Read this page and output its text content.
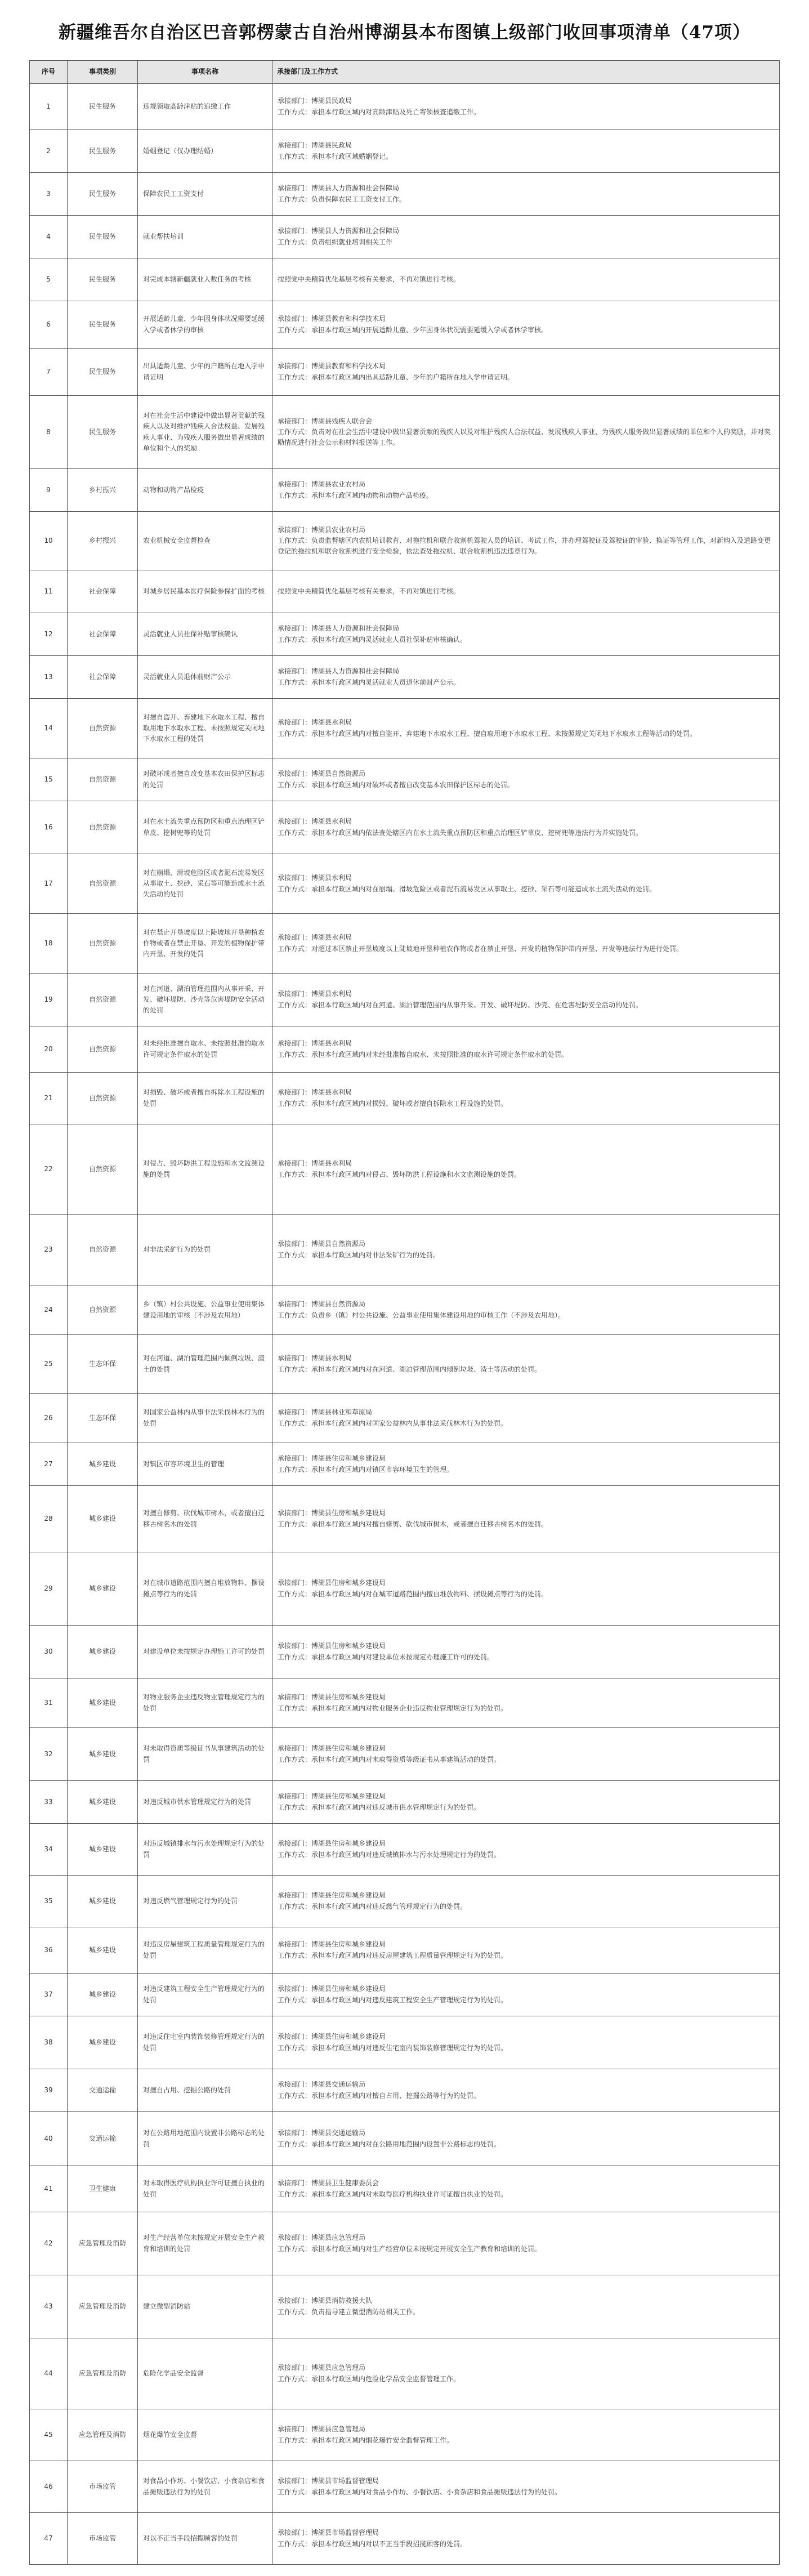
新疆维吾尔自治区巴音郭楞蒙古自治州博湖县本布图镇上级部门收回事项清单（47项）
序号	事项类别	事项名称	承接部门及工作方式
1	民生服务	违规领取高龄津贴的追缴工作	承接部门：博湖县民政局
工作方式：承担本行政区域内对高龄津贴及死亡寄领核查追缴工作。

2	民生服务	婚姻登记（仅办理结婚）	承接部门：博湖县民政局
工作方式：承担本行政区域婚姻登记。

3	民生服务	保障农民工工资支付	承接部门：博湖县人力资源和社会保障局
工作方式：负责保障农民工工资支付工作。

4	民生服务	就业帮扶培训	承接部门：博湖县人力资源和社会保障局
工作方式：负责组织就业培训相关工作

5	民生服务	对完成本辖新疆就业人数任务的考核	按照党中央精简优化基层考核有关要求，不再对镇进行考核。

6	民生服务	开展适龄儿童、少年因身体状况需要延缓入学或者休学的审核	承接部门：博湖县教育和科学技术局
工作方式：承担本行政区域内开展适龄儿童、少年因身体状况需要延缓入学或者休学审核。

7	民生服务	出具适龄儿童、少年的户籍所在地入学申请证明	承接部门：博湖县教育和科学技术局
工作方式：承担本行政区域内出具适龄儿童、少年的户籍所在地入学申请证明。

8	民生服务	对在社会生活中建设中做出显著贡献的残疾人以及对维护残疾人合法权益、发展残疾人事业、为残疾人服务做出显著成绩的单位和个人的奖励	承接部门：博湖县残疾人联合会
工作方式：负责对在社会生活中建设中做出显著贡献的残疾人以及对维护残疾人合法权益、发展残疾人事业、为残疾人服务做出显著成绩的单位和个人的奖励，并对奖励情况进行社会公示和材料报送等工作。

9	乡村振兴	动物和动物产品检疫	承接部门：博湖县农业农村局
工作方式：承担本行政区域内动物和动物产品检疫。

10	乡村振兴	农业机械安全监督检查	承接部门：博湖县农业农村局
工作方式：负责监督辖区内农机培训教育、对拖拉机和联合收割机驾驶人员的培训、考试工作，并办理驾驶证及驾驶证的审验、换证等管理工作，对新购入及道路变更登记的拖拉机和联合收割机进行安全检验，依法查处拖拉机、联合收割机违法违章行为。

11	社会保障	对城乡居民基本医疗保险参保扩面的考核	按照党中央精简优化基层考核有关要求，不再对镇进行考核。

12	社会保障	灵活就业人员社保补贴审核确认	承接部门：博湖县人力资源和社会保障局
工作方式：承担本行政区域内灵活就业人员社保补贴审核确认。

13	社会保障	灵活就业人员退休前财产公示	承接部门：博湖县人力资源和社会保障局
工作方式：承担本行政区域内灵活就业人员退休前财产公示。

14	自然资源	对擅自盗开、弃建地下水取水工程、擅自取用地下水取水工程、未按照规定关闭地下水取水工程的处罚	承接部门：博湖县水利局
工作方式：承担本行政区域内对擅自盗开、弃建地下水取水工程、擅自取用地下水取水工程、未按照规定关闭地下水取水工程等活动的处罚。

15	自然资源	对破坏或者擅自改变基本农田保护区标志的处罚	承接部门：博湖县自然资源局
工作方式：承担本行政区域内对破坏或者擅自改变基本农田保护区标志的处罚。

16	自然资源	对在水土流失重点预防区和重点治理区铲草皮、挖树兜等的处罚	承接部门：博湖县水利局
工作方式：承担本行政区域内依法查处辖区内在水土流失重点预防区和重点治理区铲草皮、挖树兜等违法行为并实施处罚。

17	自然资源	对在崩塌、滑坡危险区或者泥石流易发区从事取土、挖砂、采石等可能造成水土流失活动的处罚	承接部门：博湖县水利局
工作方式：承担本行政区域内对在崩塌、滑坡危险区或者泥石流易发区从事取土、挖砂、采石等可能造成水土流失活动的处罚。

18	自然资源	对在禁止开垦坡度以上陡坡地开垦种植农作物或者在禁止开垦、开发的植物保护带内开垦、开发的处罚	承接部门：博湖县水利局
工作方式：对超过本区禁止开垦坡度以上陡坡地开垦种植农作物或者在禁止开垦、开发的植物保护带内开垦、开发等违法行为进行处罚。

19	自然资源	对在河道、湖泊管理范围内从事开采、开发、破坏堤防、沙壳等危害堤防安全活动的处罚	承接部门：博湖县水利局
工作方式：承担本行政区域内对在河道、湖泊管理范围内从事开采、开发、破坏堤防、沙壳、在危害堤防安全活动的处罚。

20	自然资源	对未经批准擅自取水、未按照批准的取水许可规定条件取水的处罚	承接部门：博湖县水利局
工作方式：承担本行政区域内对未经批准擅自取水、未按照批准的取水许可规定条件取水的处罚。

21	自然资源	对损毁、破坏或者擅自拆除水工程设施的处罚	承接部门：博湖县水利局
工作方式：承担本行政区域内对损毁、破坏或者擅自拆除水工程设施的处罚。

22	自然资源	对侵占、毁坏防洪工程设施和水文监测设施的处罚	承接部门：博湖县水利局
工作方式：承担本行政区域内对侵占、毁坏防洪工程设施和水文监测设施的处罚。

23	自然资源	对非法采矿行为的处罚	承接部门：博湖县自然资源局
工作方式：承担本行政区域内对非法采矿行为的处罚。

24	自然资源	乡（镇）村公共设施、公益事业使用集体建设用地的审核（不涉及农用地）	承接部门：博湖县自然资源局
工作方式：负责乡（镇）村公共设施、公益事业使用集体建设用地的审核工作（不涉及农用地）。

25	生态环保	对在河道、湖泊管理范围内倾倒垃圾、渣土的处罚	承接部门：博湖县水利局
工作方式：承担本行政区域内对在河道、湖泊管理范围内倾倒垃圾、渣土等活动的处罚。

26	生态环保	对国家公益林内从事非法采伐林木行为的处罚	承接部门：博湖县林业和草原局
工作方式：承担本行政区域内对国家公益林内从事非法采伐林木行为的处罚。

27	城乡建设	对镇区市容环境卫生的管理	承接部门：博湖县住房和城乡建设局
工作方式：承担本行政区域内对镇区市容环境卫生的管理。

28	城乡建设	对擅自修剪、砍伐城市树木，或者擅自迁移古树名木的处罚	承接部门：博湖县住房和城乡建设局
工作方式：承担本行政区域内对擅自修剪、砍伐城市树木，或者擅自迁移古树名木的处罚。

29	城乡建设	对在城市道路范围内擅自堆放物料、摆设摊点等行为的处罚	承接部门：博湖县住房和城乡建设局
工作方式：承担本行政区域内对在城市道路范围内擅自堆放物料、摆设摊点等行为的处罚。

30	城乡建设	对建设单位未按规定办理施工许可的处罚	承接部门：博湖县住房和城乡建设局
工作方式：承担本行政区域内对建设单位未按规定办理施工许可的处罚。

31	城乡建设	对物业服务企业违反物业管理规定行为的处罚	承接部门：博湖县住房和城乡建设局
工作方式：承担本行政区域内对物业服务企业违反物业管理规定行为的处罚。

32	城乡建设	对未取得资质等级证书从事建筑活动的处罚	承接部门：博湖县住房和城乡建设局
工作方式：承担本行政区域内对未取得资质等级证书从事建筑活动的处罚。

33	城乡建设	对违反城市供水管理规定行为的处罚	承接部门：博湖县住房和城乡建设局
工作方式：承担本行政区域内对违反城市供水管理规定行为的处罚。

34	城乡建设	对违反城镇排水与污水处理规定行为的处罚	承接部门：博湖县住房和城乡建设局
工作方式：承担本行政区域内对违反城镇排水与污水处理规定行为的处罚。

35	城乡建设	对违反燃气管理规定行为的处罚	承接部门：博湖县住房和城乡建设局
工作方式：承担本行政区域内对违反燃气管理规定行为的处罚。

36	城乡建设	对违反房屋建筑工程质量管理规定行为的处罚	承接部门：博湖县住房和城乡建设局
工作方式：承担本行政区域内对违反房屋建筑工程质量管理规定行为的处罚。

37	城乡建设	对违反建筑工程安全生产管理规定行为的处罚	承接部门：博湖县住房和城乡建设局
工作方式：承担本行政区域内对违反建筑工程安全生产管理规定行为的处罚。

38	城乡建设	对违反住宅室内装饰装修管理规定行为的处罚	承接部门：博湖县住房和城乡建设局
工作方式：承担本行政区域内对违反住宅室内装饰装修管理规定行为的处罚。

39	交通运输	对擅自占用、挖掘公路的处罚	承接部门：博湖县交通运输局
工作方式：承担本行政区域内对擅自占用、挖掘公路等行为的处罚。

40	交通运输	对在公路用地范围内设置非公路标志的处罚	承接部门：博湖县交通运输局
工作方式：承担本行政区域内对在公路用地范围内设置非公路标志的处罚。

41	卫生健康	对未取得医疗机构执业许可证擅自执业的处罚	承接部门：博湖县卫生健康委员会
工作方式：承担本行政区域内对未取得医疗机构执业许可证擅自执业的处罚。

42	应急管理及消防	对生产经营单位未按规定开展安全生产教育和培训的处罚	承接部门：博湖县应急管理局
工作方式：承担本行政区域内对生产经营单位未按规定开展安全生产教育和培训的处罚。

43	应急管理及消防	建立微型消防站	承接部门：博湖县消防救援大队
工作方式：负责指导建立微型消防站相关工作。

44	应急管理及消防	危险化学品安全监督	承接部门：博湖县应急管理局
工作方式：承担本行政区域内危险化学品安全监督管理工作。

45	应急管理及消防	烟花爆竹安全监督	承接部门：博湖县应急管理局
工作方式：承担本行政区域内烟花爆竹安全监督管理工作。

46	市场监管	对食品小作坊、小餐饮店、小食杂店和食品摊贩违法行为的处罚	承接部门：博湖县市场监督管理局
工作方式：承担本行政区域内对食品小作坊、小餐饮店、小食杂店和食品摊贩违法行为的处罚。

47	市场监管	对以不正当手段招揽顾客的处罚	承接部门：博湖县市场监督管理局
工作方式：承担本行政区域内对以不正当手段招揽顾客的处罚。
